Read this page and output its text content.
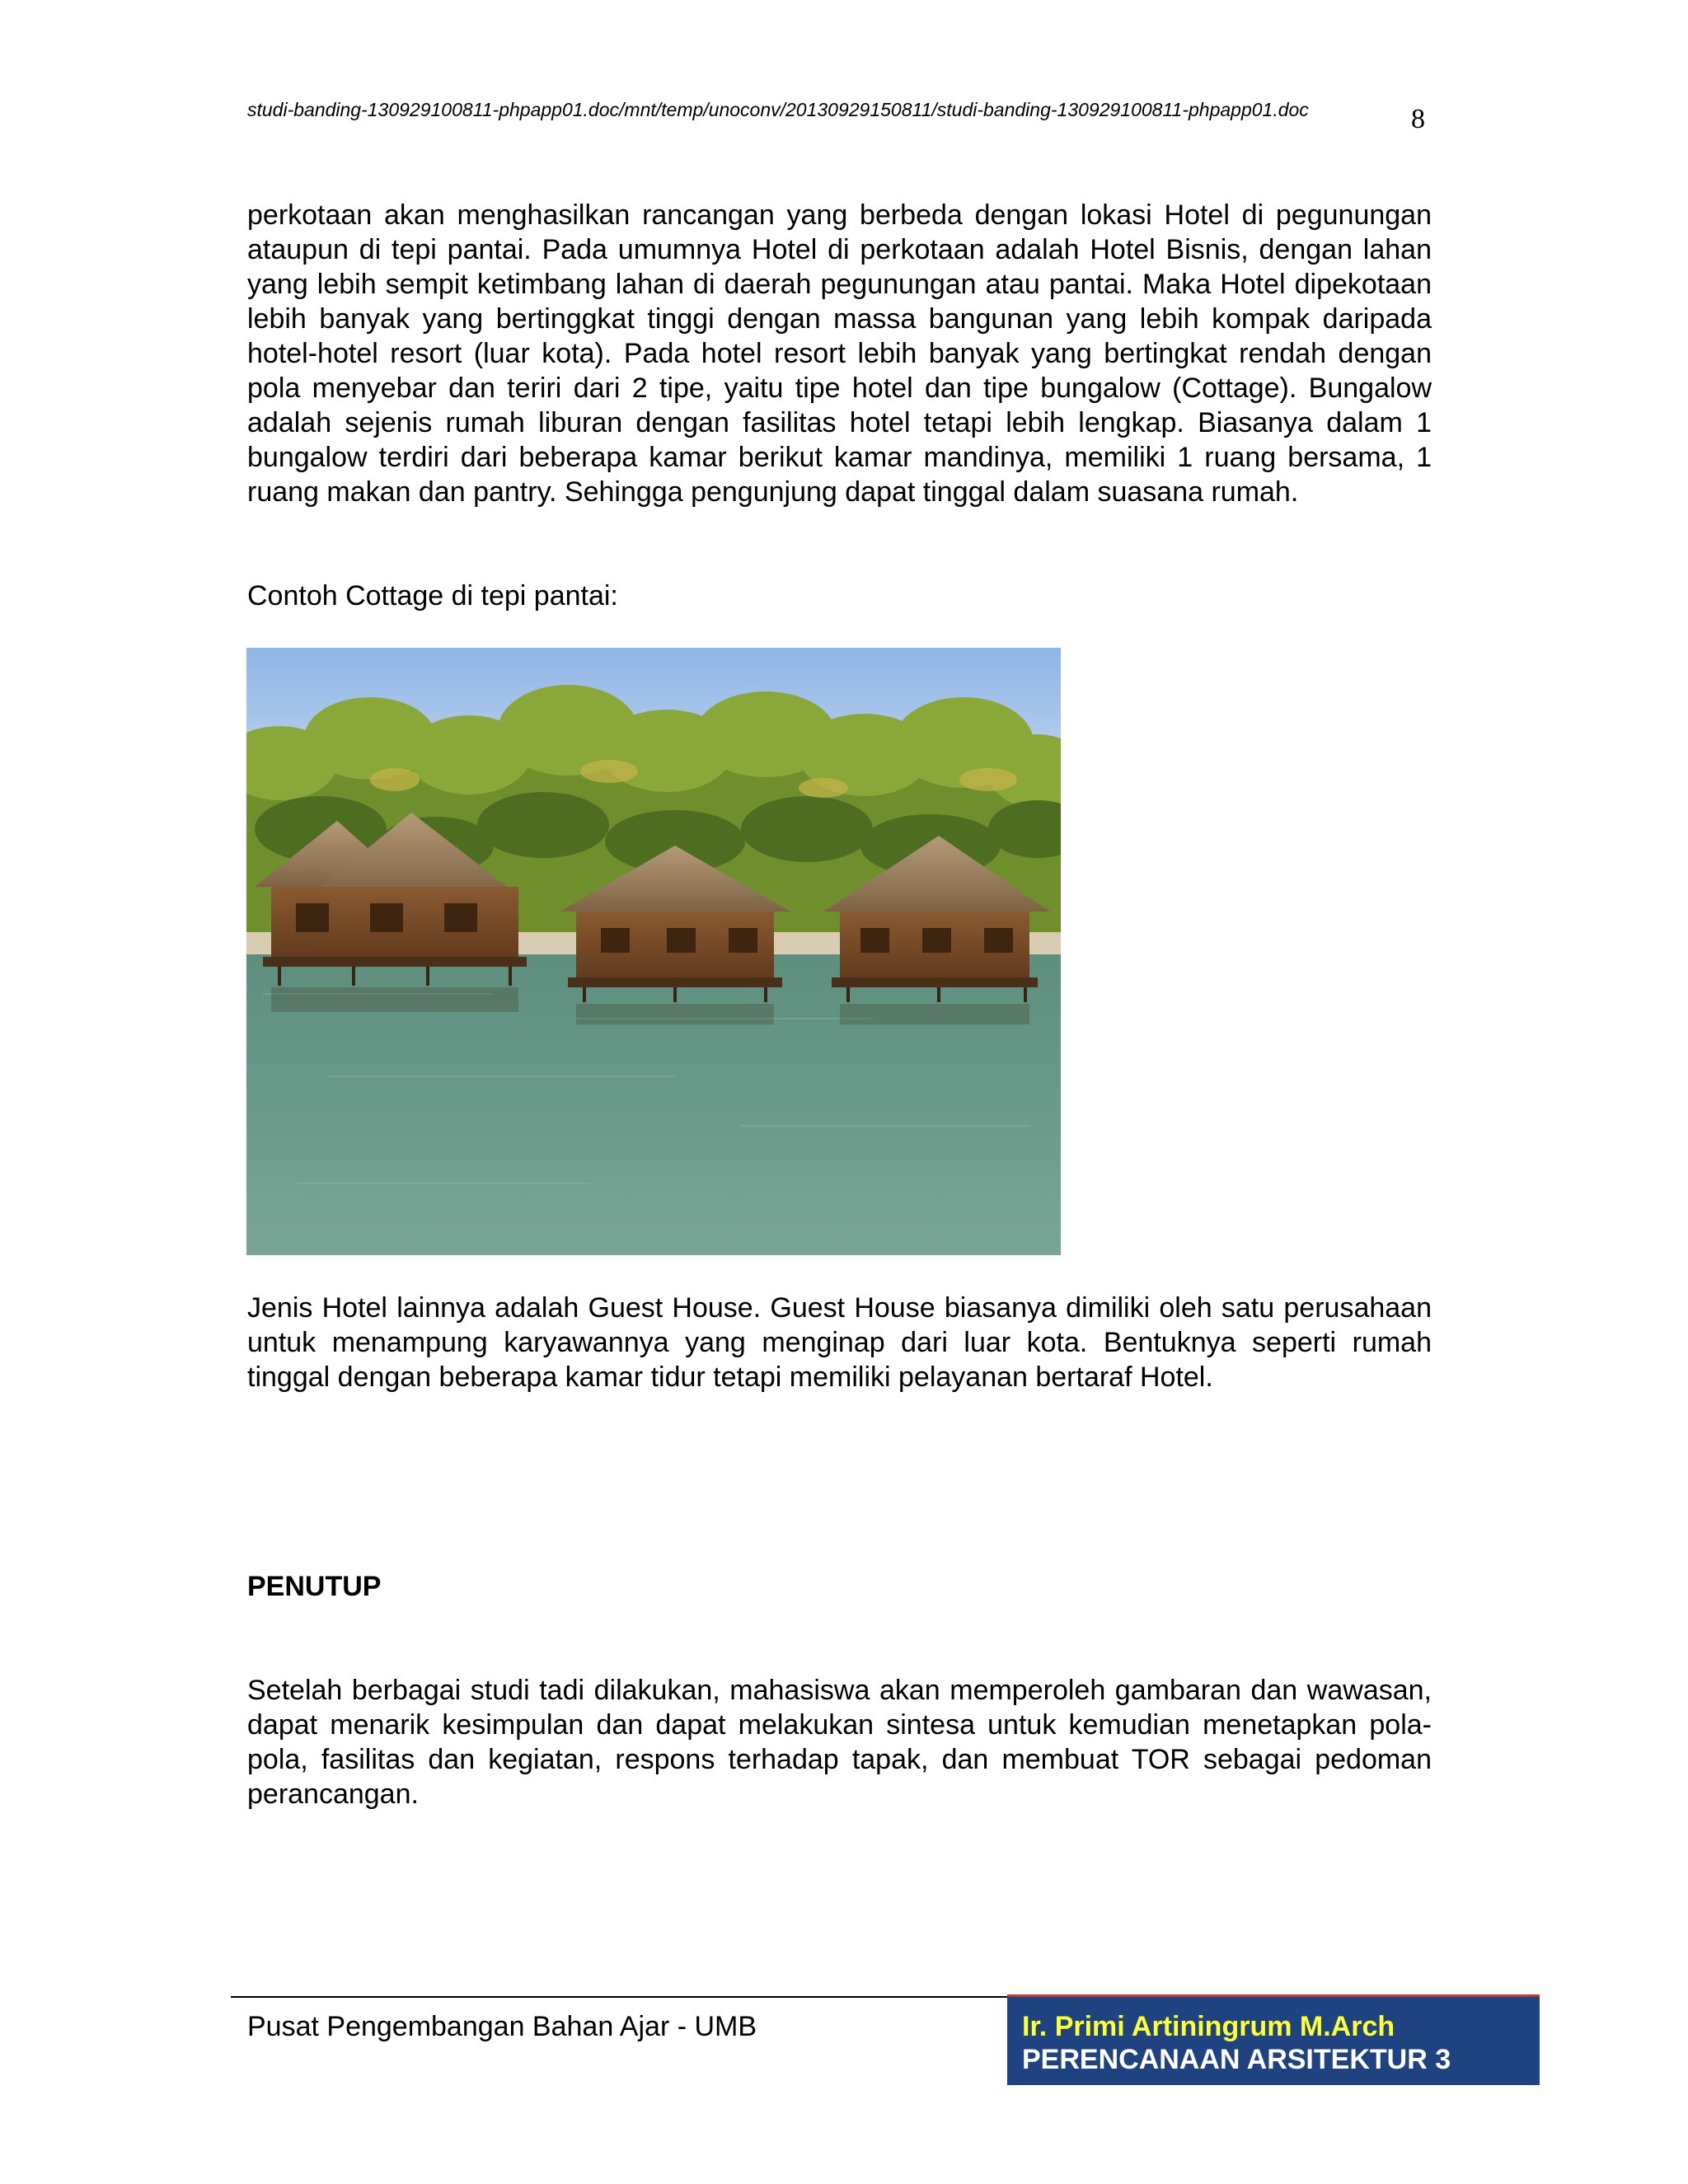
studi-banding-130929100811-phpapp01.doc/mnt/temp/unoconv/20130929150811/studi-banding-130929100811-phpapp01.doc	8

perkotaan akan menghasilkan rancangan yang berbeda dengan lokasi Hotel di pegunungan ataupun di tepi pantai. Pada umumnya Hotel di perkotaan adalah Hotel Bisnis, dengan lahan yang lebih sempit ketimbang lahan di daerah pegunungan atau pantai. Maka Hotel dipekotaan lebih banyak yang bertinggkat tinggi dengan massa bangunan yang lebih kompak daripada hotel-hotel resort (luar kota). Pada hotel resort lebih banyak yang bertingkat rendah dengan pola menyebar dan teriri dari 2 tipe, yaitu tipe hotel dan tipe bungalow (Cottage). Bungalow adalah sejenis rumah liburan dengan fasilitas hotel tetapi lebih lengkap. Biasanya dalam 1 bungalow terdiri dari beberapa kamar berikut kamar mandinya, memiliki 1 ruang bersama, 1 ruang makan dan pantry. Sehingga pengunjung dapat tinggal dalam suasana rumah.

Contoh Cottage di tepi pantai:

Jenis Hotel lainnya adalah Guest House. Guest House biasanya dimiliki oleh satu perusahaan untuk menampung karyawannya yang menginap dari luar kota. Bentuknya seperti rumah tinggal dengan beberapa kamar tidur tetapi memiliki pelayanan bertaraf Hotel.

PENUTUP

Setelah berbagai studi tadi dilakukan, mahasiswa akan memperoleh gambaran dan wawasan, dapat menarik kesimpulan dan dapat melakukan sintesa untuk kemudian menetapkan pola-pola, fasilitas dan kegiatan, respons terhadap tapak, dan membuat TOR sebagai pedoman perancangan.

Pusat Pengembangan Bahan Ajar - UMB	Ir. Primi Artiningrum M.Arch
PERENCANAAN ARSITEKTUR 3
